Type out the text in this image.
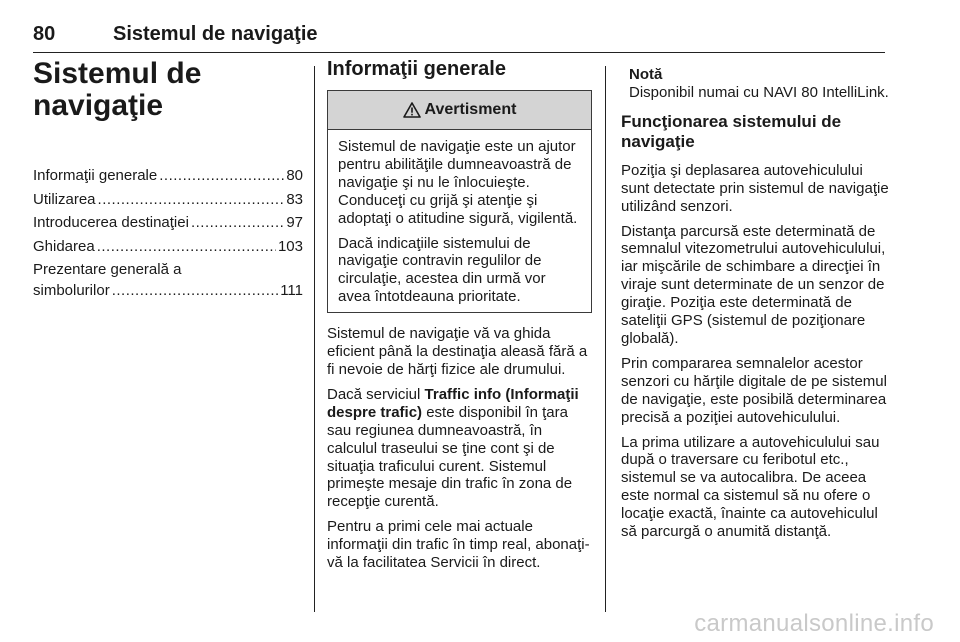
80	Sistemul de navigaţie
Sistemul de
navigaţie
Informaţii generale .....	80
Utilizarea .....	83
Introducerea destinaţiei .....	97
Ghidarea .....	103
Prezentare generală a
simbolurilor .....	111
Informaţii generale
Avertisment

Sistemul de navigaţie este un ajutor pentru abilităţile dumneavoastră de navigaţie şi nu le înlocuieşte. Conduceţi cu grijă şi atenţie şi adoptaţi o atitudine sigură, vigilentă.

Dacă indicaţiile sistemului de navigaţie contravin regulilor de circulaţie, acestea din urmă vor avea întotdeauna prioritate.

Sistemul de navigaţie vă va ghida eficient până la destinaţia aleasă fără a fi nevoie de hărţi fizice ale drumului.

Dacă serviciul Traffic info (Informaţii despre trafic) este disponibil în ţara sau regiunea dumneavoastră, în calculul traseului se ţine cont şi de situaţia traficului curent. Sistemul primeşte mesaje din trafic în zona de recepţie curentă.

Pentru a primi cele mai actuale informaţii din trafic în timp real, abonaţi-vă la facilitatea Servicii în direct.

Notă

Disponibil numai cu NAVI 80 IntelliLink.

Funcţionarea sistemului de navigaţie

Poziţia şi deplasarea autovehiculului sunt detectate prin sistemul de navigaţie utilizând senzori.

Distanţa parcursă este determinată de semnalul vitezometrului autovehiculului, iar mişcările de schimbare a direcţiei în viraje sunt determinate de un senzor de giraţie. Poziţia este determinată de sateliţii GPS (sistemul de poziţionare globală).

Prin compararea semnalelor acestor senzori cu hărţile digitale de pe sistemul de navigaţie, este posibilă determinarea precisă a poziţiei autovehiculului.

La prima utilizare a autovehiculului sau după o traversare cu feribotul etc., sistemul se va autocalibra. De aceea este normal ca sistemul să nu ofere o locaţie exactă, înainte ca autovehiculul să parcurgă o anumită distanţă.

carmanualsonline.info
